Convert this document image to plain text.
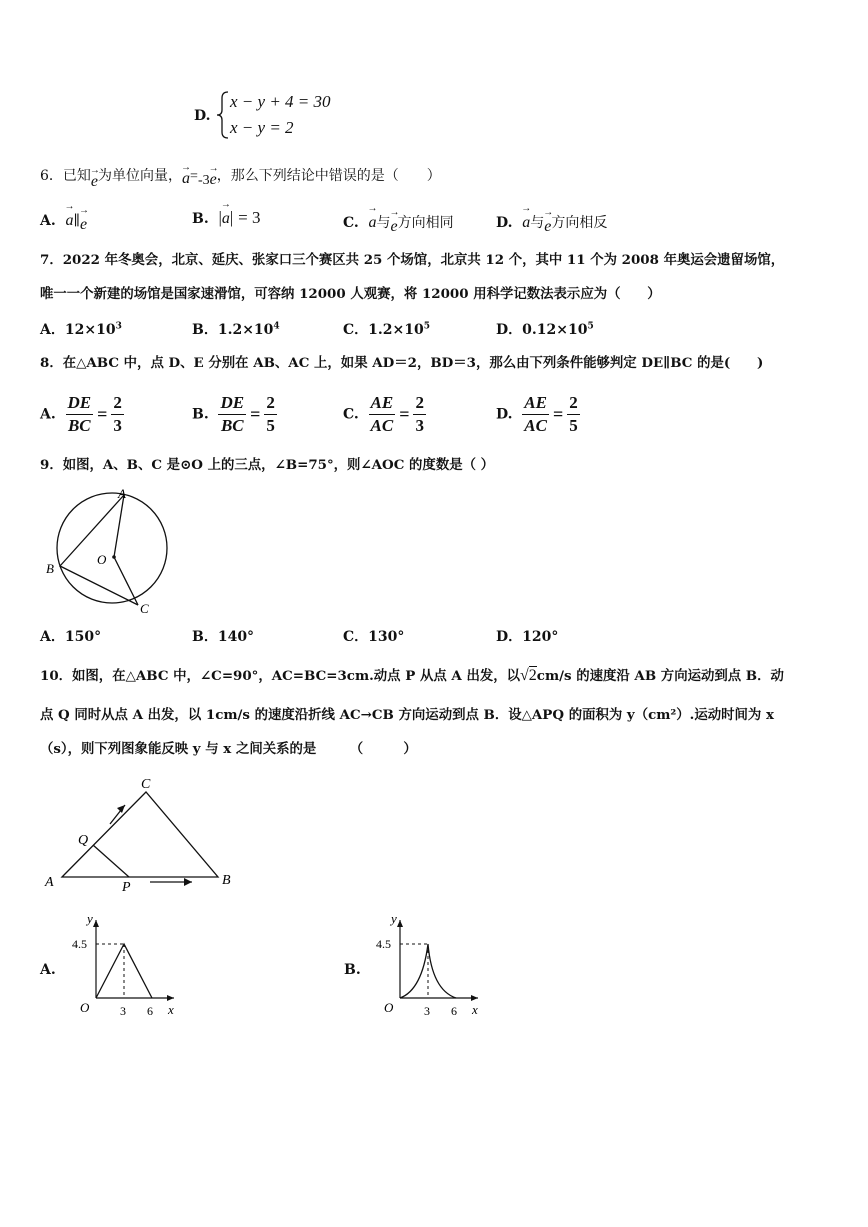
D.
x − y + 4 = 30
x − y = 2
6．已知→ e为单位向量，→ a=-3→ e，那么下列结论中错误的是（　　）
A. → a∥→ e	B. |→ a| = 3	C. → a与→ e方向相同	D. → a与→ e方向相反
7．2022 年冬奥会，北京、延庆、张家口三个赛区共 25 个场馆，北京共 12 个，其中 11 个为 2008 年奥运会遗留场馆，
唯一一个新建的场馆是国家速滑馆，可容纳 12000 人观赛，将 12000 用科学记数法表示应为（　　）
A．$12\times 10^3$	B．$1.2\times 10^4$	C．$1.2\times 10^5$	D．$0.12\times 10^5$
8．在△ABC 中，点 D、E 分别在 AB、AC 上，如果 AD＝2，BD＝3，那么由下列条件能够判定 DE∥BC 的是(　　)
A. $\frac{DE}{BC} = \frac{2}{3}$	B. $\frac{DE}{BC} = \frac{2}{5}$	C. $\frac{AE}{AC} = \frac{2}{3}$	D. $\frac{AE}{AC} = \frac{2}{5}$
9．如图，A、B、C 是⊙O 上的三点，∠B=75°，则∠AOC 的度数是（ ）
A
B
C
O
A．150°	B．140°	C．130°	D．120°
10．如图，在△ABC 中，∠C=90°，AC=BC=3cm.动点 P 从点 A 出发，以√2cm/s 的速度沿 AB 方向运动到点 B．动
点 Q 同时从点 A 出发，以 1cm/s 的速度沿折线 AC→CB 方向运动到点 B．设△APQ 的面积为 y（cm²）.运动时间为 x
（s），则下列图象能反映 y 与 x 之间关系的是　　　（　　　）
C
A	B
Q
P
A.
y
x
O
4.5
3 6
B.
y
x
O
4.5
3 6
